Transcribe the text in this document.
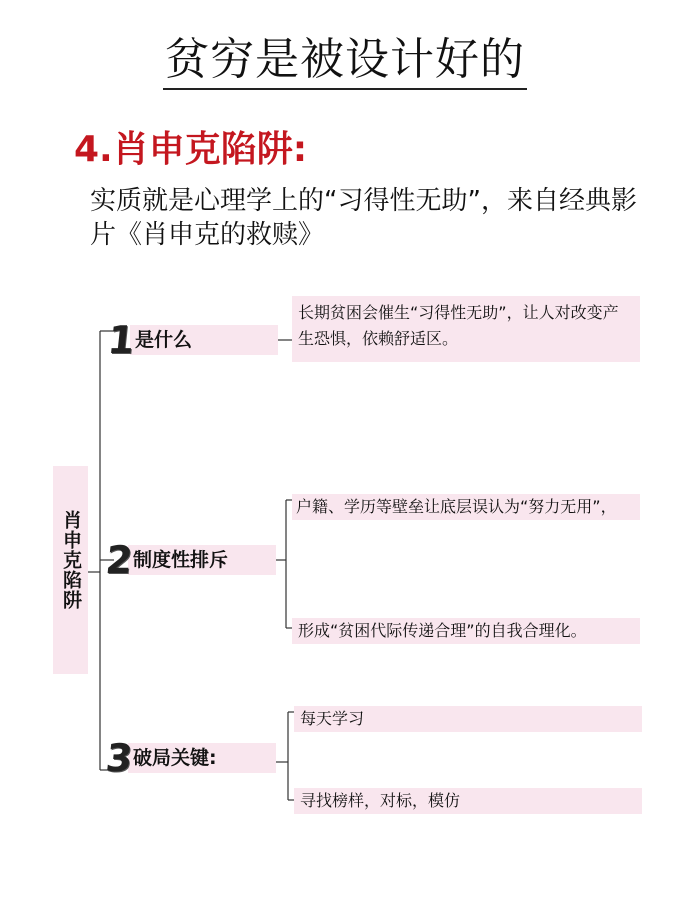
贫穷是被设计好的
4.肖申克陷阱:
实质就是心理学上的“习得性无助”，来自经典影片《肖申克的救赎》
肖申克陷阱
1
是什么
2
制度性排斥
3
破局关键:
长期贫困会催生“习得性无助”，让人对改变产生恐惧，依赖舒适区。
户籍、学历等壁垒让底层误认为“努力无用”，
形成“贫困代际传递合理”的自我合理化。
每天学习
寻找榜样，对标，模仿
